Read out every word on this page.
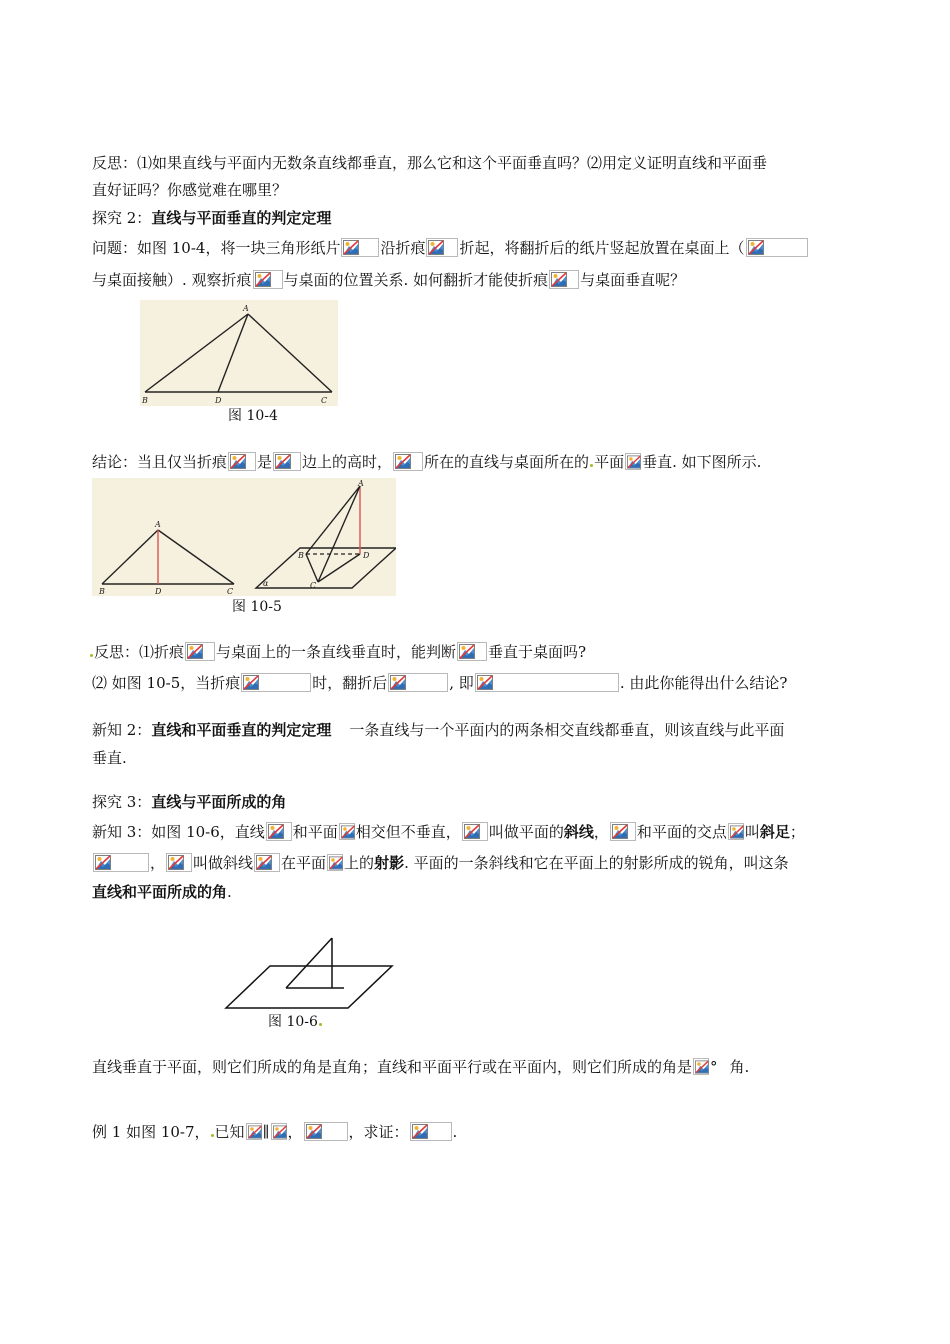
反思：⑴如果直线与平面内无数条直线都垂直，那么它和这个平面垂直吗？⑵用定义证明直线和平面垂
直好证吗？你感觉难在哪里？
探究 2：直线与平面垂直的判定定理
问题：如图 10-4，将一块三角形纸片	沿折痕 折起，将翻折后的纸片竖起放置在桌面上（
与桌面接触）. 观察折痕 与桌面的位置关系. 如何翻折才能使折痕 与桌面垂直呢？
A
B	D	C
图 10-4
结论：当且仅当折痕 是 边上的高时， 所在的直线与桌面所在的 平面 垂直. 如下图所示.
A
B	D	C
A
B	D
C
α
图 10-5
反思：⑴折痕 与桌面上的一条直线垂直时，能判断 垂直于桌面吗?
⑵ 如图 10-5，当折痕	时，翻折后	, 即	. 由此你能得出什么结论?
新知 2：直线和平面垂直的判定定理 一条直线与一个平面内的两条相交直线都垂直，则该直线与此平面
垂直.
探究 3：直线与平面所成的角
新知 3：如图 10-6，直线 和平面 相交但不垂直， 叫做平面的斜线， 和平面的交点 叫斜足；
， 叫做斜线 在平面 上的射影. 平面的一条斜线和它在平面上的射影所成的锐角，叫这条
直线和平面所成的角.
图 10-6
直线垂直于平面，则它们所成的角是直角；直线和平面平行或在平面内，则它们所成的角是 ° 角.
例 1 如图 10-7， 已知 ∥ ，	，求证：	.
